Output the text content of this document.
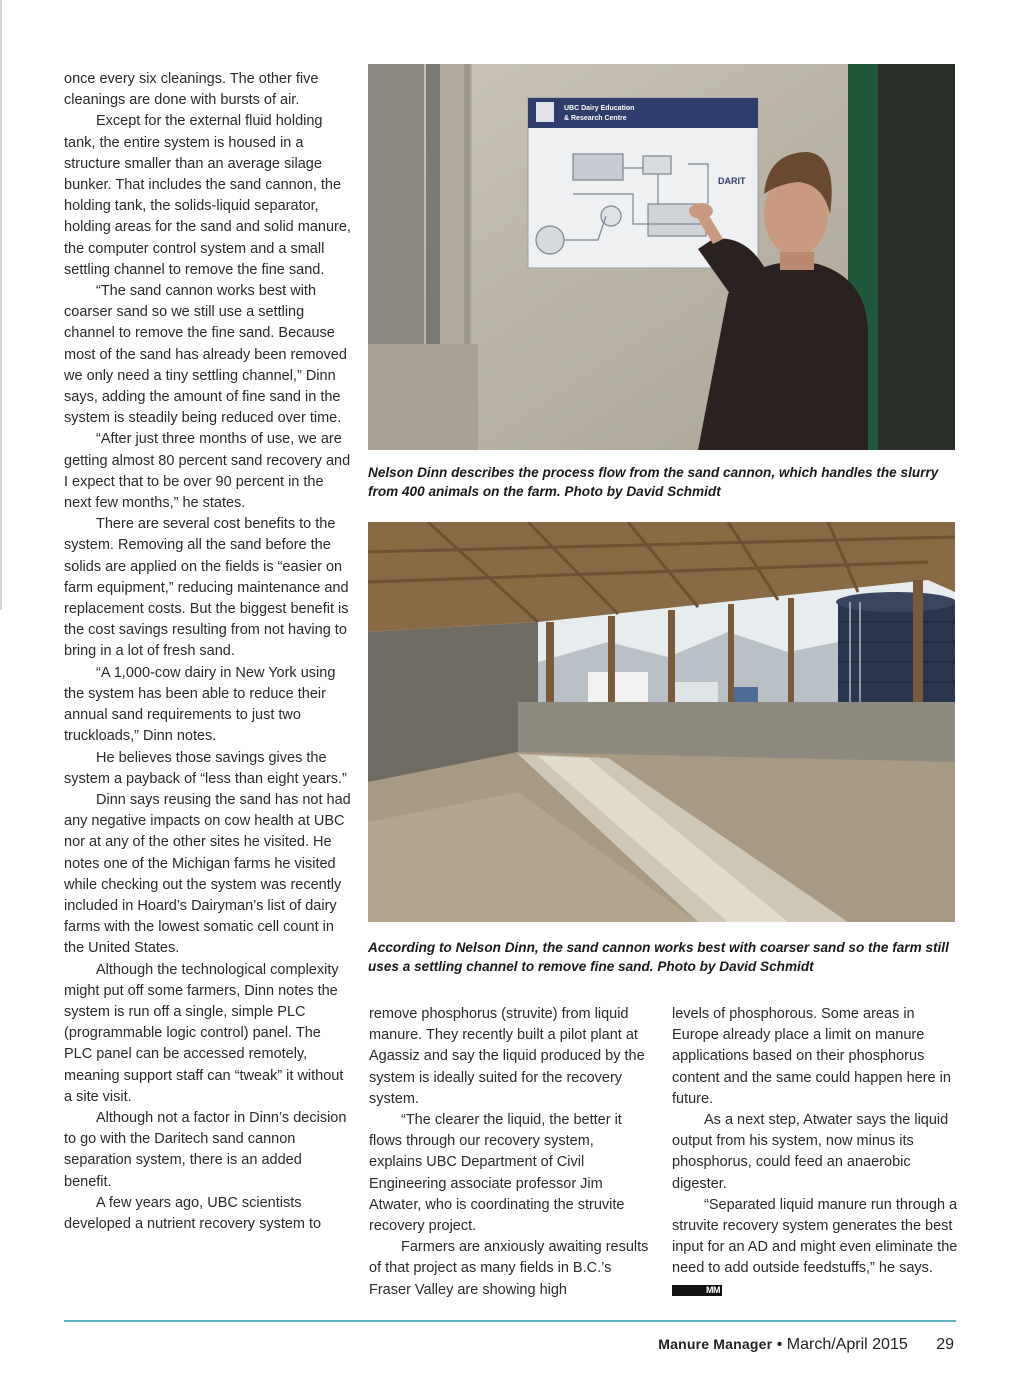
once every six cleanings. The other five cleanings are done with bursts of air.

Except for the external fluid holding tank, the entire system is housed in a structure smaller than an average silage bunker. That includes the sand cannon, the holding tank, the solids-liquid separator, holding areas for the sand and solid manure, the computer control system and a small settling channel to remove the fine sand.

“The sand cannon works best with coarser sand so we still use a settling channel to remove the fine sand. Because most of the sand has already been removed we only need a tiny settling channel,” Dinn says, adding the amount of fine sand in the system is steadily being reduced over time.

“After just three months of use, we are getting almost 80 percent sand recovery and I expect that to be over 90 percent in the next few months,” he states.

There are several cost benefits to the system. Removing all the sand before the solids are applied on the fields is “easier on farm equipment,” reducing maintenance and replacement costs. But the biggest benefit is the cost savings resulting from not having to bring in a lot of fresh sand.

“A 1,000-cow dairy in New York using the system has been able to reduce their annual sand requirements to just two truckloads,” Dinn notes.

He believes those savings gives the system a payback of “less than eight years.”

Dinn says reusing the sand has not had any negative impacts on cow health at UBC nor at any of the other sites he visited. He notes one of the Michigan farms he visited while checking out the system was recently included in Hoard’s Dairyman’s list of dairy farms with the lowest somatic cell count in the United States.

Although the technological complexity might put off some farmers, Dinn notes the system is run off a single, simple PLC (programmable logic control) panel. The PLC panel can be accessed remotely, meaning support staff can “tweak” it without a site visit.

Although not a factor in Dinn’s decision to go with the Daritech sand cannon separation system, there is an added benefit.

A few years ago, UBC scientists developed a nutrient recovery system to

UBC Dairy Education
& Research Centre
DARIT
Nelson Dinn describes the process flow from the sand cannon, which handles the slurry from 400 animals on the farm. Photo by David Schmidt
According to Nelson Dinn, the sand cannon works best with coarser sand so the farm still uses a settling channel to remove fine sand. Photo by David Schmidt

remove phosphorus (struvite) from liquid manure. They recently built a pilot plant at Agassiz and say the liquid produced by the system is ideally suited for the recovery system.

“The clearer the liquid, the better it flows through our recovery system, explains UBC Department of Civil Engineering associate professor Jim Atwater, who is coordinating the struvite recovery project.

Farmers are anxiously awaiting results of that project as many fields in B.C.’s Fraser Valley are showing high

levels of phosphorous. Some areas in Europe already place a limit on manure applications based on their phosphorus content and the same could happen here in future.

As a next step, Atwater says the liquid output from his system, now minus its phosphorus, could feed an anaerobic digester.

“Separated liquid manure run through a struvite recovery system generates the best input for an AD and might even eliminate the need to add outside feedstuffs,” he says. MM

Manure Manager • March/April 2015 29
